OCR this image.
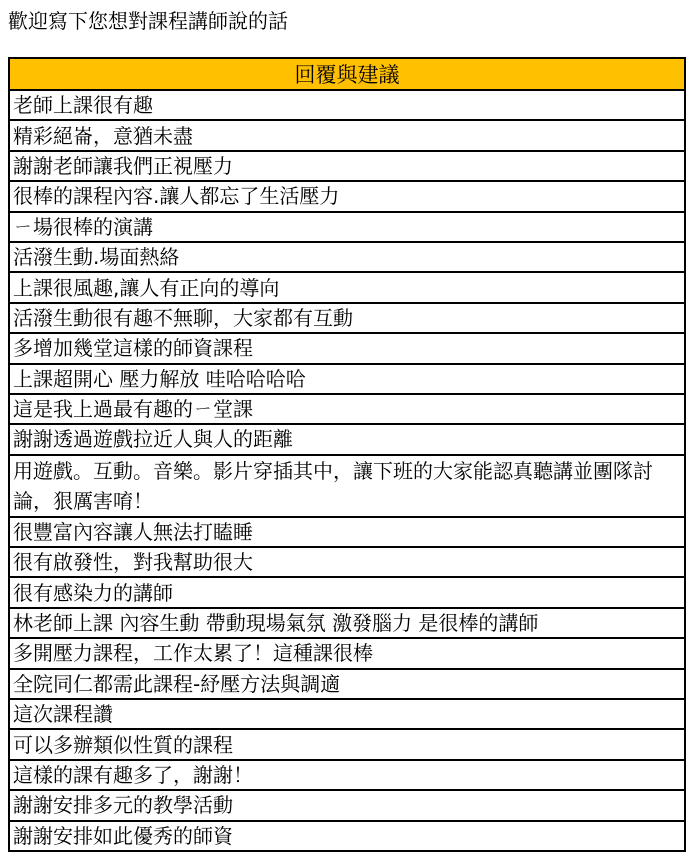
歡迎寫下您想對課程講師說的話
回覆與建議
老師上課很有趣
精彩絕崙，意猶未盡
謝謝老師讓我們正視壓力
很棒的課程內容.讓人都忘了生活壓力
ㄧ場很棒的演講
活潑生動.場面熱絡
上課很風趣,讓人有正向的導向
活潑生動很有趣不無聊，大家都有互動
多增加幾堂這樣的師資課程
上課超開心 壓力解放 哇哈哈哈哈
這是我上過最有趣的ㄧ堂課
謝謝透過遊戲拉近人與人的距離
用遊戲。互動。音樂。影片穿插其中，讓下班的大家能認真聽講並團隊討論，狠厲害唷！
很豐富內容讓人無法打瞌睡
很有啟發性，對我幫助很大
很有感染力的講師
林老師上課 內容生動 帶動現場氣氛 激發腦力 是很棒的講師
多開壓力課程，工作太累了！這種課很棒
全院同仁都需此課程-紓壓方法與調適
這次課程讚
可以多辦類似性質的課程
這樣的課有趣多了，謝謝！
謝謝安排多元的教學活動
謝謝安排如此優秀的師資
